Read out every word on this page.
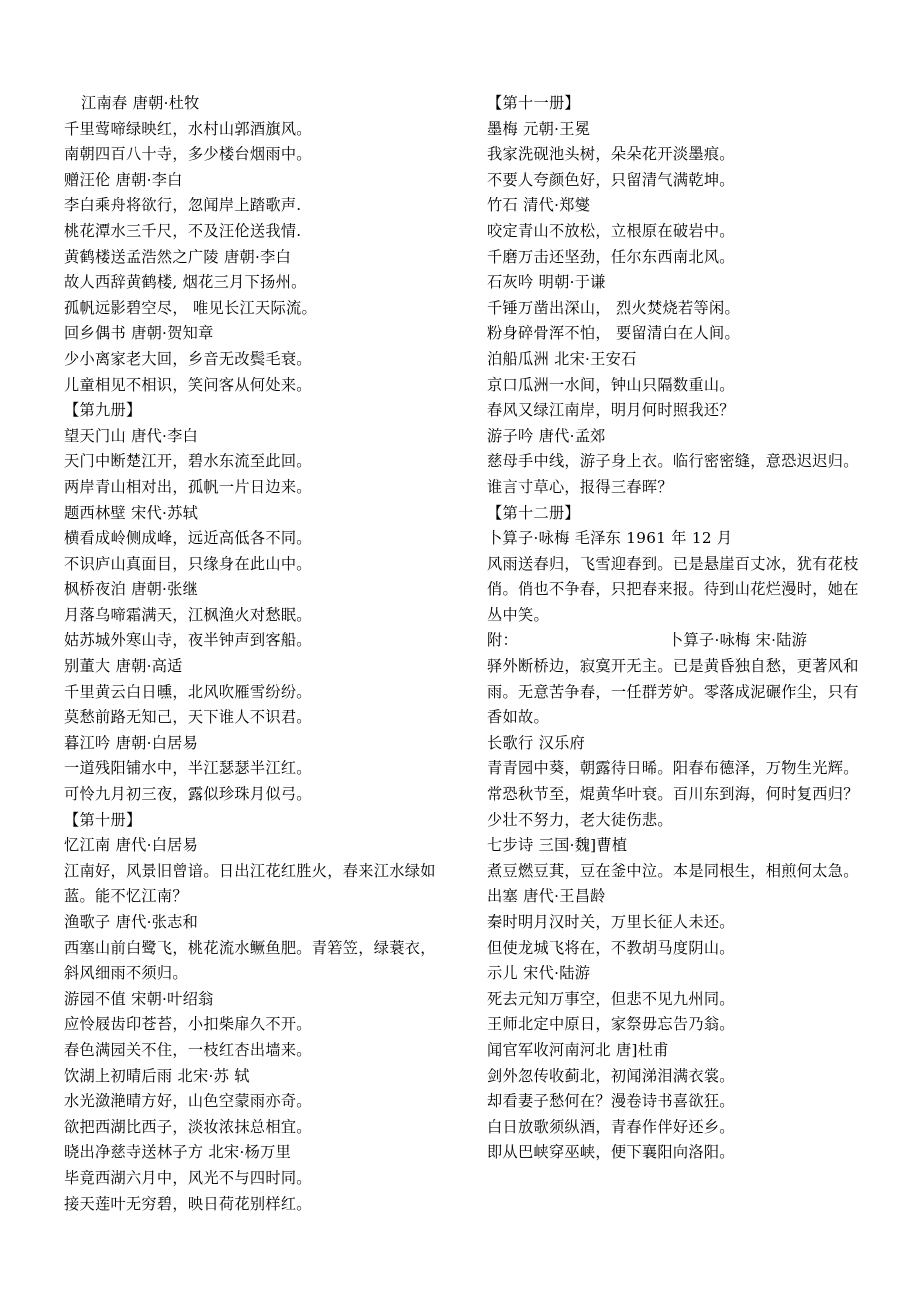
江南春 唐朝·杜牧
千里莺啼绿映红，水村山郭酒旗风。
南朝四百八十寺，多少楼台烟雨中。
赠汪伦 唐朝·李白
李白乘舟将欲行，忽闻岸上踏歌声.
桃花潭水三千尺，不及汪伦送我情.
黄鹤楼送孟浩然之广陵 唐朝·李白
故人西辞黄鹤楼, 烟花三月下扬州。
孤帆远影碧空尽， 唯见长江天际流。
回乡偶书 唐朝·贺知章
少小离家老大回，乡音无改鬓毛衰。
儿童相见不相识，笑问客从何处来。
【第九册】
望天门山 唐代·李白
天门中断楚江开，碧水东流至此回。
两岸青山相对出，孤帆一片日边来。
题西林壁 宋代·苏轼
横看成岭侧成峰，远近高低各不同。
不识庐山真面目，只缘身在此山中。
枫桥夜泊 唐朝·张继
月落乌啼霜满天，江枫渔火对愁眠。
姑苏城外寒山寺，夜半钟声到客船。
别董大 唐朝·高适
千里黄云白日曛，北风吹雁雪纷纷。
莫愁前路无知己，天下谁人不识君。
暮江吟 唐朝·白居易
一道残阳铺水中，半江瑟瑟半江红。
可怜九月初三夜，露似珍珠月似弓。
【第十册】
忆江南 唐代·白居易
江南好，风景旧曾谙。日出江花红胜火，春来江水绿如
蓝。能不忆江南？
渔歌子 唐代·张志和
西塞山前白鹭飞，桃花流水鳜鱼肥。青箬笠，绿蓑衣，
斜风细雨不须归。
游园不值 宋朝·叶绍翁
应怜屐齿印苍苔，小扣柴扉久不开。
春色满园关不住，一枝红杏出墙来。
饮湖上初晴后雨 北宋·苏 轼
水光潋滟晴方好，山色空蒙雨亦奇。
欲把西湖比西子，淡妆浓抹总相宜。
晓出净慈寺送林子方 北宋·杨万里
毕竟西湖六月中，风光不与四时同。
接天莲叶无穷碧，映日荷花别样红。
【第十一册】
墨梅 元朝·王冕
我家洗砚池头树，朵朵花开淡墨痕。
不要人夸颜色好，只留清气满乾坤。
竹石 清代·郑燮
咬定青山不放松，立根原在破岩中。
千磨万击还坚劲，任尔东西南北风。
石灰吟 明朝·于谦
千锤万凿出深山， 烈火焚烧若等闲。
粉身碎骨浑不怕， 要留清白在人间。
泊船瓜洲 北宋·王安石
京口瓜洲一水间，钟山只隔数重山。
春风又绿江南岸，明月何时照我还？
游子吟 唐代·孟郊
慈母手中线，游子身上衣。临行密密缝，意恐迟迟归。
谁言寸草心，报得三春晖？
【第十二册】
卜算子·咏梅 毛泽东 1961 年 12 月
风雨送春归，飞雪迎春到。已是悬崖百丈冰，犹有花枝
俏。俏也不争春，只把春来报。待到山花烂漫时，她在
丛中笑。
附：	卜算子·咏梅 宋·陆游
驿外断桥边，寂寞开无主。已是黄昏独自愁，更著风和
雨。无意苦争春，一任群芳妒。零落成泥碾作尘，只有
香如故。
长歌行 汉乐府
青青园中葵，朝露待日晞。阳春布德泽，万物生光辉。
常恐秋节至，焜黄华叶衰。百川东到海，何时复西归？
少壮不努力，老大徒伤悲。
七步诗 三国·魏]曹植
煮豆燃豆萁，豆在釜中泣。本是同根生，相煎何太急。
出塞 唐代·王昌龄
秦时明月汉时关，万里长征人未还。
但使龙城飞将在，不教胡马度阴山。
示儿 宋代·陆游
死去元知万事空，但悲不见九州同。
王师北定中原日，家祭毋忘告乃翁。
闻官军收河南河北 唐]杜甫
剑外忽传收蓟北，初闻涕泪满衣裳。
却看妻子愁何在？漫卷诗书喜欲狂。
白日放歌须纵酒，青春作伴好还乡。
即从巴峡穿巫峡，便下襄阳向洛阳。
